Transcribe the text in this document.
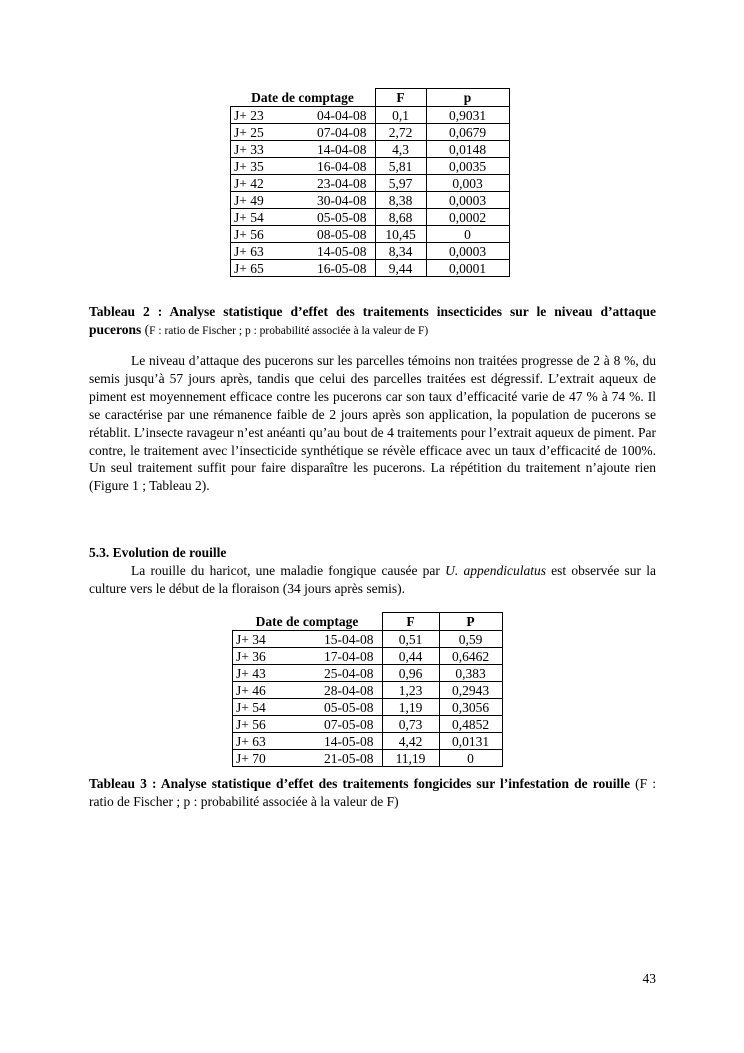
Date de comptage		F	p
J+ 23	04-04-08	0,1	0,9031
J+ 25	07-04-08	2,72	0,0679
J+ 33	14-04-08	4,3	0,0148
J+ 35	16-04-08	5,81	0,0035
J+ 42	23-04-08	5,97	0,003
J+ 49	30-04-08	8,38	0,0003
J+ 54	05-05-08	8,68	0,0002
J+ 56	08-05-08	10,45	0
J+ 63	14-05-08	8,34	0,0003
J+ 65	16-05-08	9,44	0,0001
Tableau 2 : Analyse statistique d’effet des traitements insecticides sur le niveau d’attaque pucerons (F : ratio de Fischer ; p : probabilité associée à la valeur de F)
Le niveau d’attaque des pucerons sur les parcelles témoins non traitées progresse de 2 à 8 %, du semis jusqu’à 57 jours après, tandis que celui des parcelles traitées est dégressif. L’extrait aqueux de piment est moyennement efficace contre les pucerons car son taux d’efficacité varie de 47 % à 74 %. Il se caractérise par une rémanence faible de 2 jours après son application, la population de pucerons se rétablit. L’insecte ravageur n’est anéanti qu’au bout de 4 traitements pour l’extrait aqueux de piment. Par contre, le traitement avec l’insecticide synthétique se révèle efficace avec un taux d’efficacité de 100%. Un seul traitement suffit pour faire disparaître les pucerons. La répétition du traitement n’ajoute rien (Figure 1 ; Tableau 2).
5.3. Evolution de rouille
La rouille du haricot, une maladie fongique causée par U. appendiculatus est observée sur la culture vers le début de la floraison (34 jours après semis).
Date de comptage		F	P
J+ 34	15-04-08	0,51	0,59
J+ 36	17-04-08	0,44	0,6462
J+ 43	25-04-08	0,96	0,383
J+ 46	28-04-08	1,23	0,2943
J+ 54	05-05-08	1,19	0,3056
J+ 56	07-05-08	0,73	0,4852
J+ 63	14-05-08	4,42	0,0131
J+ 70	21-05-08	11,19	0
Tableau 3 : Analyse statistique d’effet des traitements fongicides sur l’infestation de rouille (F : ratio de Fischer ; p : probabilité associée à la valeur de F)
43
